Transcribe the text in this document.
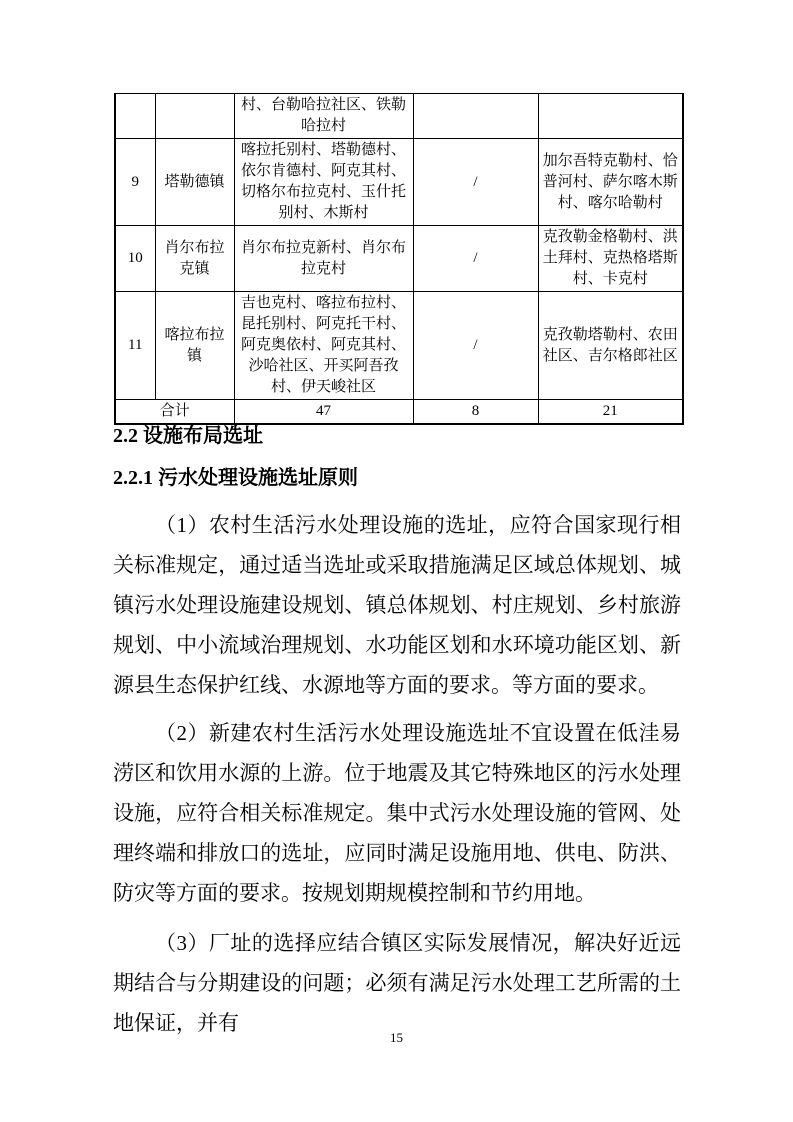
		村、台勒哈拉社区、铁勒哈拉村		
9	塔勒德镇	喀拉托别村、塔勒德村、依尔肯德村、阿克其村、切格尔布拉克村、玉什托别村、木斯村	/	加尔吾特克勒村、恰普河村、萨尔喀木斯村、喀尔哈勒村
10	肖尔布拉克镇	肖尔布拉克新村、肖尔布拉克村	/	克孜勒金格勒村、洪土拜村、克热格塔斯村、卡克村
11	喀拉布拉镇	吉也克村、喀拉布拉村、昆托别村、阿克托干村、阿克奥依村、阿克其村、沙哈社区、开买阿吾孜村、伊天峻社区	/	克孜勒塔勒村、农田社区、吉尔格郎社区
合计		47	8	21
2.2 设施布局选址
2.2.1 污水处理设施选址原则

（1）农村生活污水处理设施的选址，应符合国家现行相关标准规定，通过适当选址或采取措施满足区域总体规划、城镇污水处理设施建设规划、镇总体规划、村庄规划、乡村旅游规划、中小流域治理规划、水功能区划和水环境功能区划、新源县生态保护红线、水源地等方面的要求。等方面的要求。

（2）新建农村生活污水处理设施选址不宜设置在低洼易涝区和饮用水源的上游。位于地震及其它特殊地区的污水处理设施，应符合相关标准规定。集中式污水处理设施的管网、处理终端和排放口的选址，应同时满足设施用地、供电、防洪、防灾等方面的要求。按规划期规模控制和节约用地。

（3）厂址的选择应结合镇区实际发展情况，解决好近远期结合与分期建设的问题；必须有满足污水处理工艺所需的土地保证，并有

15
